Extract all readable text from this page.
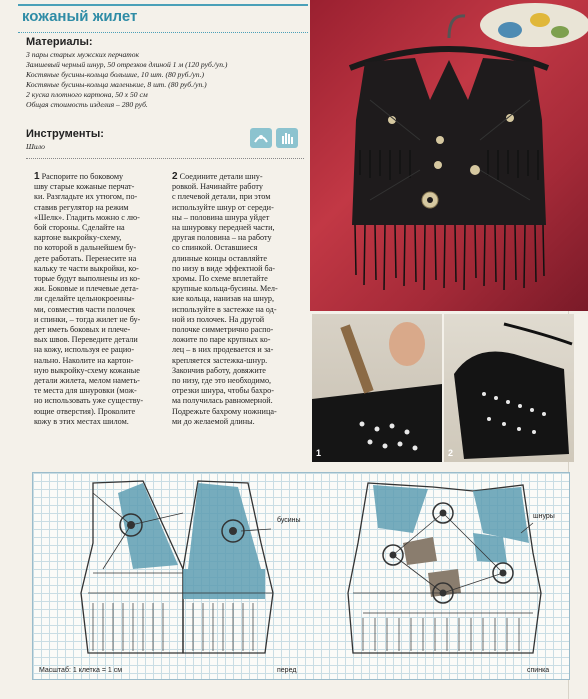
кожаный жилет
Материалы:
3 пары старых мужских перчаток
Замшевый черный шнур, 50 отрезков длиной 1 м (120 руб./уп.)
Костяные бусины-кольца большие, 10 шт. (80 руб./уп.)
Костяные бусины-кольца маленькие, 8 шт. (80 руб./уп.)
2 куска плотного картона, 50 х 50 см
Общая стоимость изделия – 280 руб.
Инструменты:
Шило
1 Распорите по боковому
шву старые кожаные перчат-
ки. Разгладьте их утюгом, по-
ставив регулятор на режим
«Шелк». Гладить можно с лю-
бой стороны. Сделайте на
картоне выкройку-схему,
по которой в дальнейшем бу-
дете работать. Перенесите на
кальку те части выкройки, ко-
торые будут выполнены из ко-
жи. Боковые и плечевые дета-
ли сделайте цельнокроенны-
ми, совместив части полочек
и спинки, – тогда жилет не бу-
дет иметь боковых и плече-
вых швов. Переведите детали
на кожу, используя ее рацио-
нально. Наколите на картон-
ную выкройку-схему кожаные
детали жилета, мелом наметь-
те места для шнуровки (мож-
но использовать уже существу-
ющие отверстия). Проколите
кожу в этих местах шилом.
2 Соедините детали шну-
ровкой. Начинайте работу
с плечевой детали, при этом
используйте шнур от середи-
ны – половина шнура уйдет
на шнуровку передней части,
другая половина – на работу
со спинкой. Оставшиеся
длинные концы оставляйте
по низу в виде эффектной ба-
хромы. По схеме вплетайте
крупные кольца-бусины. Мел-
кие кольца, нанизав на шнур,
используйте в застежке на од-
ной из полочек. На другой
полочке симметрично распо-
ложите по паре крупных ко-
лец – в них продевается и за-
крепляется застежка-шнур.
Закончив работу, довяжите
по низу, где это необходимо,
отрезки шнура, чтобы бахро-
ма получилась равномерной.
Подрежьте бахрому ножница-
ми до желаемой длины.
1	2
бусины
шнуры
Масштаб: 1 клетка = 1 см	перед	спинка
